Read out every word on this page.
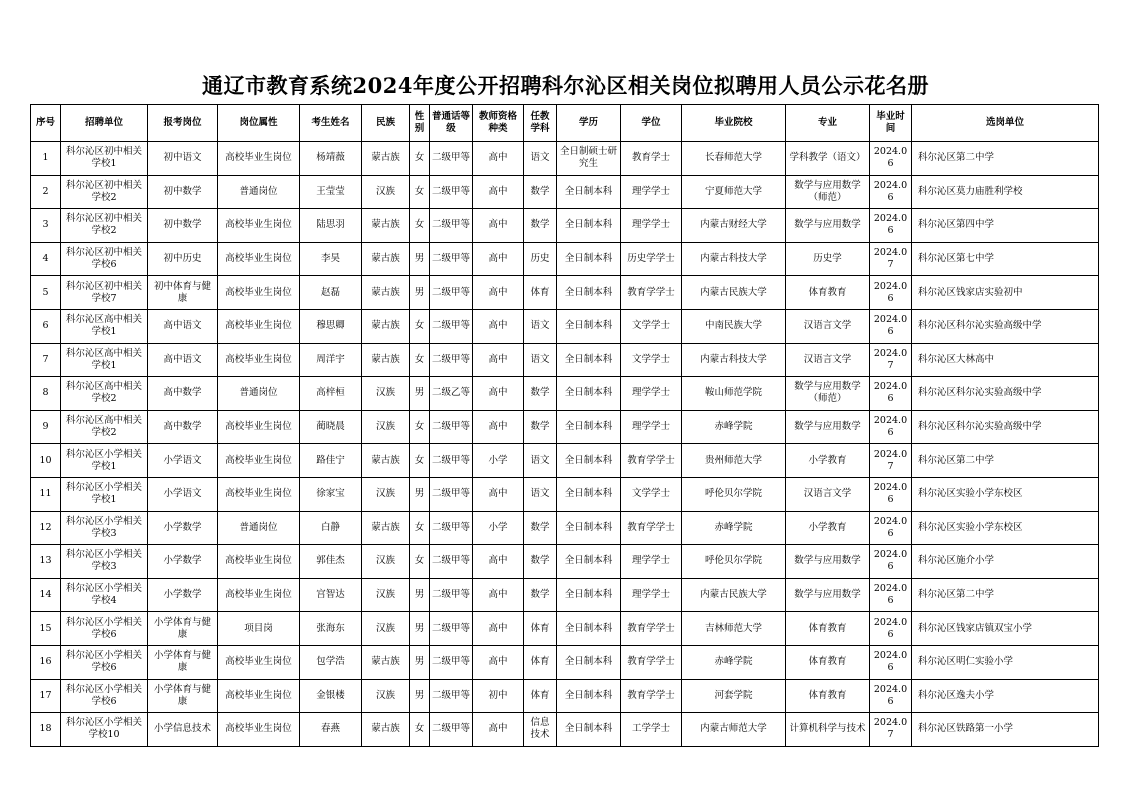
通辽市教育系统2024年度公开招聘科尔沁区相关岗位拟聘用人员公示花名册
序号	招聘单位	报考岗位	岗位属性	考生姓名	民族	性别	普通话等级	教师资格种类	任教学科	学历	学位	毕业院校	专业	毕业时间	选岗单位
1	科尔沁区初中相关学校1	初中语文	高校毕业生岗位	杨靖薇	蒙古族	女	二级甲等	高中	语文	全日制硕士研究生	教育学士	长春师范大学	学科教学（语文）	2024.06	科尔沁区第二中学
2	科尔沁区初中相关学校2	初中数学	普通岗位	王莹莹	汉族	女	二级甲等	高中	数学	全日制本科	理学学士	宁夏师范大学	数学与应用数学（师范）	2024.06	科尔沁区莫力庙胜利学校
3	科尔沁区初中相关学校2	初中数学	高校毕业生岗位	陆思羽	蒙古族	女	二级甲等	高中	数学	全日制本科	理学学士	内蒙古财经大学	数学与应用数学	2024.06	科尔沁区第四中学
4	科尔沁区初中相关学校6	初中历史	高校毕业生岗位	李昊	蒙古族	男	二级甲等	高中	历史	全日制本科	历史学学士	内蒙古科技大学	历史学	2024.07	科尔沁区第七中学
5	科尔沁区初中相关学校7	初中体育与健康	高校毕业生岗位	赵磊	蒙古族	男	二级甲等	高中	体育	全日制本科	教育学学士	内蒙古民族大学	体育教育	2024.06	科尔沁区钱家店实验初中
6	科尔沁区高中相关学校1	高中语文	高校毕业生岗位	穆思卿	蒙古族	女	二级甲等	高中	语文	全日制本科	文学学士	中南民族大学	汉语言文学	2024.06	科尔沁区科尔沁实验高级中学
7	科尔沁区高中相关学校1	高中语文	高校毕业生岗位	周洋宇	蒙古族	女	二级甲等	高中	语文	全日制本科	文学学士	内蒙古科技大学	汉语言文学	2024.07	科尔沁区大林高中
8	科尔沁区高中相关学校2	高中数学	普通岗位	高梓桓	汉族	男	二级乙等	高中	数学	全日制本科	理学学士	鞍山师范学院	数学与应用数学（师范）	2024.06	科尔沁区科尔沁实验高级中学
9	科尔沁区高中相关学校2	高中数学	高校毕业生岗位	蔺晓晨	汉族	女	二级甲等	高中	数学	全日制本科	理学学士	赤峰学院	数学与应用数学	2024.06	科尔沁区科尔沁实验高级中学
10	科尔沁区小学相关学校1	小学语文	高校毕业生岗位	路佳宁	蒙古族	女	二级甲等	小学	语文	全日制本科	教育学学士	贵州师范大学	小学教育	2024.07	科尔沁区第二中学
11	科尔沁区小学相关学校1	小学语文	高校毕业生岗位	徐家宝	汉族	男	二级甲等	高中	语文	全日制本科	文学学士	呼伦贝尔学院	汉语言文学	2024.06	科尔沁区实验小学东校区
12	科尔沁区小学相关学校3	小学数学	普通岗位	白静	蒙古族	女	二级甲等	小学	数学	全日制本科	教育学学士	赤峰学院	小学教育	2024.06	科尔沁区实验小学东校区
13	科尔沁区小学相关学校3	小学数学	高校毕业生岗位	郭佳杰	汉族	女	二级甲等	高中	数学	全日制本科	理学学士	呼伦贝尔学院	数学与应用数学	2024.06	科尔沁区施介小学
14	科尔沁区小学相关学校4	小学数学	高校毕业生岗位	宫智达	汉族	男	二级甲等	高中	数学	全日制本科	理学学士	内蒙古民族大学	数学与应用数学	2024.06	科尔沁区第二中学
15	科尔沁区小学相关学校6	小学体育与健康	项目岗	张海东	汉族	男	二级甲等	高中	体育	全日制本科	教育学学士	吉林师范大学	体育教育	2024.06	科尔沁区钱家店镇双宝小学
16	科尔沁区小学相关学校6	小学体育与健康	高校毕业生岗位	包学浩	蒙古族	男	二级甲等	高中	体育	全日制本科	教育学学士	赤峰学院	体育教育	2024.06	科尔沁区明仁实验小学
17	科尔沁区小学相关学校6	小学体育与健康	高校毕业生岗位	金银楼	汉族	男	二级甲等	初中	体育	全日制本科	教育学学士	河套学院	体育教育	2024.06	科尔沁区逸夫小学
18	科尔沁区小学相关学校10	小学信息技术	高校毕业生岗位	春燕	蒙古族	女	二级甲等	高中	信息技术	全日制本科	工学学士	内蒙古师范大学	计算机科学与技术	2024.07	科尔沁区铁路第一小学
